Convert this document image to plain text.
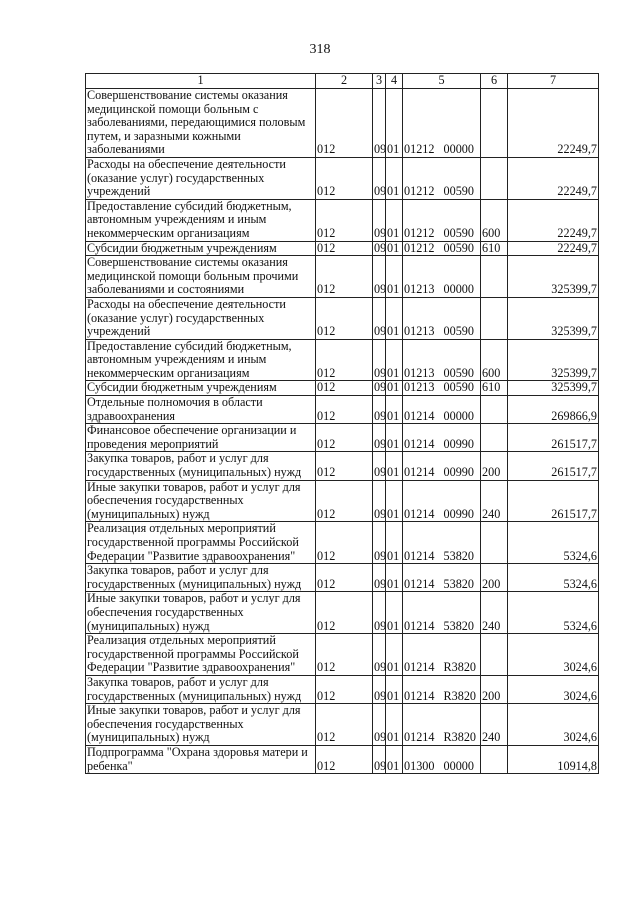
318
1	2	3	4	5	6	7
Совершенствование системы оказания медицинской помощи больным с заболеваниями, передающимися половым путем, и заразными кожными заболеваниями	012	09	01	01212 00000		22249,7
Расходы на обеспечение деятельности (оказание услуг) государственных учреждений	012	09	01	01212 00590		22249,7
Предоставление субсидий бюджетным, автономным учреждениям и иным некоммерческим организациям	012	09	01	01212 00590	600	22249,7
Субсидии бюджетным учреждениям	012	09	01	01212 00590	610	22249,7
Совершенствование системы оказания медицинской помощи больным прочими заболеваниями и состояниями	012	09	01	01213 00000		325399,7
Расходы на обеспечение деятельности (оказание услуг) государственных учреждений	012	09	01	01213 00590		325399,7
Предоставление субсидий бюджетным, автономным учреждениям и иным некоммерческим организациям	012	09	01	01213 00590	600	325399,7
Субсидии бюджетным учреждениям	012	09	01	01213 00590	610	325399,7
Отдельные полномочия в области здравоохранения	012	09	01	01214 00000		269866,9
Финансовое обеспечение организации и проведения мероприятий	012	09	01	01214 00990		261517,7
Закупка товаров, работ и услуг для государственных (муниципальных) нужд	012	09	01	01214 00990	200	261517,7
Иные закупки товаров, работ и услуг для обеспечения государственных (муниципальных) нужд	012	09	01	01214 00990	240	261517,7
Реализация отдельных мероприятий государственной программы Российской Федерации "Развитие здравоохранения"	012	09	01	01214 53820		5324,6
Закупка товаров, работ и услуг для государственных (муниципальных) нужд	012	09	01	01214 53820	200	5324,6
Иные закупки товаров, работ и услуг для обеспечения государственных (муниципальных) нужд	012	09	01	01214 53820	240	5324,6
Реализация отдельных мероприятий государственной программы Российской Федерации "Развитие здравоохранения"	012	09	01	01214 R3820		3024,6
Закупка товаров, работ и услуг для государственных (муниципальных) нужд	012	09	01	01214 R3820	200	3024,6
Иные закупки товаров, работ и услуг для обеспечения государственных (муниципальных) нужд	012	09	01	01214 R3820	240	3024,6
Подпрограмма "Охрана здоровья матери и ребенка"	012	09	01	01300 00000		10914,8
